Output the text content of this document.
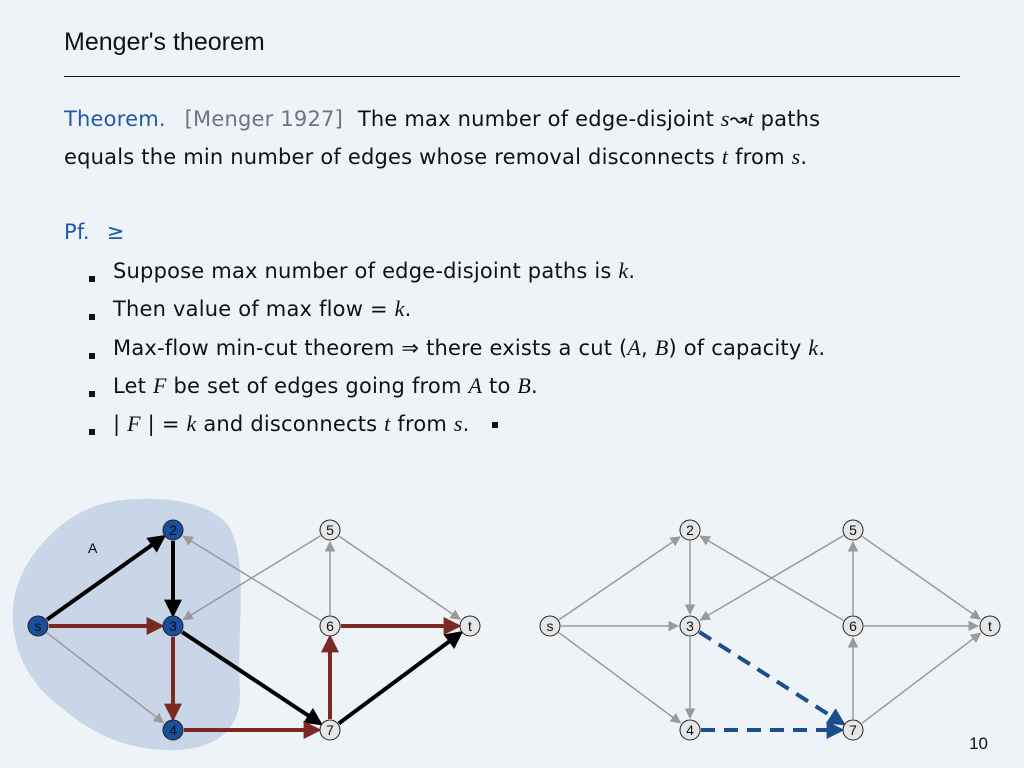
Menger's theorem
Theorem. [Menger 1927] The max number of edge-disjoint s↝t paths
equals the min number of edges whose removal disconnects t from s.
Pf. ≥
Suppose max number of edge-disjoint paths is k.
Then value of max flow = k.
Max-flow min-cut theorem ⇒ there exists a cut (A, B) of capacity k.
Let F be set of edges going from A to B.
| F | = k and disconnects t from s.
s
2
3
4
5
6
7
t	s
2
3
4
5
6
7
t
A
10
